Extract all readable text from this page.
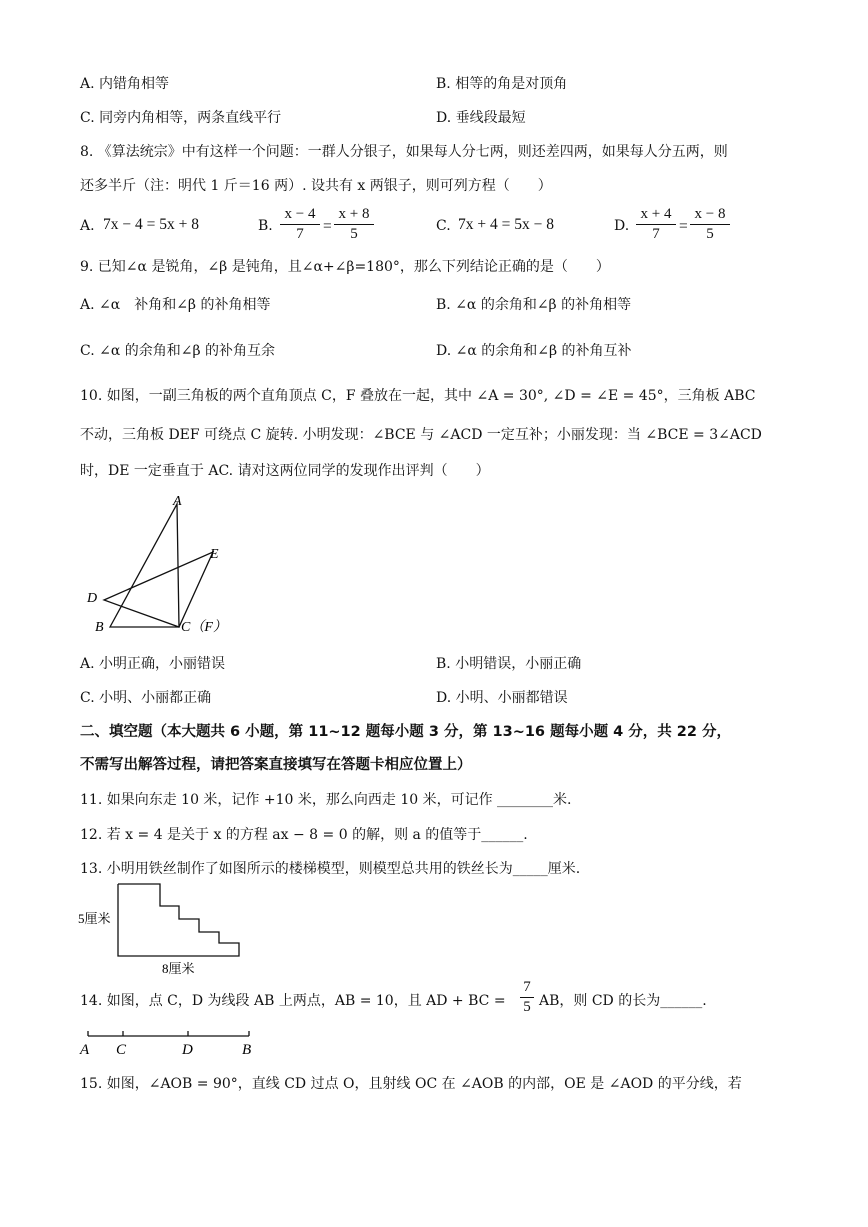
A. 内错角相等	B. 相等的角是对顶角
C. 同旁内角相等，两条直线平行	D. 垂线段最短
8. 《算法统宗》中有这样一个问题：一群人分银子，如果每人分七两，则还差四两，如果每人分五两，则
还多半斤（注：明代 1 斤＝16 两）. 设共有 x 两银子，则可列方程（　　）
A. 7x − 4 = 5x + 8	B.
x − 4
7	=
x + 8
5	C. 7x + 4 = 5x − 8	D.
x + 4
7	=
x − 8
5
9. 已知∠α 是锐角，∠β 是钝角，且∠α+∠β=180°，那么下列结论正确的是（　　）
A. ∠α　补角和∠β 的补角相等	B. ∠α 的余角和∠β 的补角相等
C. ∠α 的余角和∠β 的补角互余	D. ∠α 的余角和∠β 的补角互补
10. 如图，一副三角板的两个直角顶点 C，F 叠放在一起，其中 ∠A = 30°, ∠D = ∠E = 45°，三角板 ABC
不动，三角板 DEF 可绕点 C 旋转. 小明发现：∠BCE 与 ∠ACD 一定互补；小丽发现：当 ∠BCE = 3∠ACD
时，DE 一定垂直于 AC. 请对这两位同学的发现作出评判（　　）
A
E
D
B	C（F）
A. 小明正确，小丽错误	B. 小明错误，小丽正确
C. 小明、小丽都正确	D. 小明、小丽都错误
二、填空题（本大题共 6 小题，第 11~12 题每小题 3 分，第 13~16 题每小题 4 分，共 22 分，
不需写出解答过程，请把答案直接填写在答题卡相应位置上）
11. 如果向东走 10 米，记作 +10 米，那么向西走 10 米，可记作 ________米.
12. 若 x = 4 是关于 x 的方程 ax − 8 = 0 的解，则 a 的值等于______.
13. 小明用铁丝制作了如图所示的楼梯模型，则模型总共用的铁丝长为_____厘米.
5厘米
8厘米
14. 如图，点 C，D 为线段 AB 上两点，AB = 10，且 AD + BC =
7
5 AB，则 CD 的长为______.
A C	D	B
15. 如图，∠AOB = 90°，直线 CD 过点 O，且射线 OC 在 ∠AOB 的内部，OE 是 ∠AOD 的平分线，若
